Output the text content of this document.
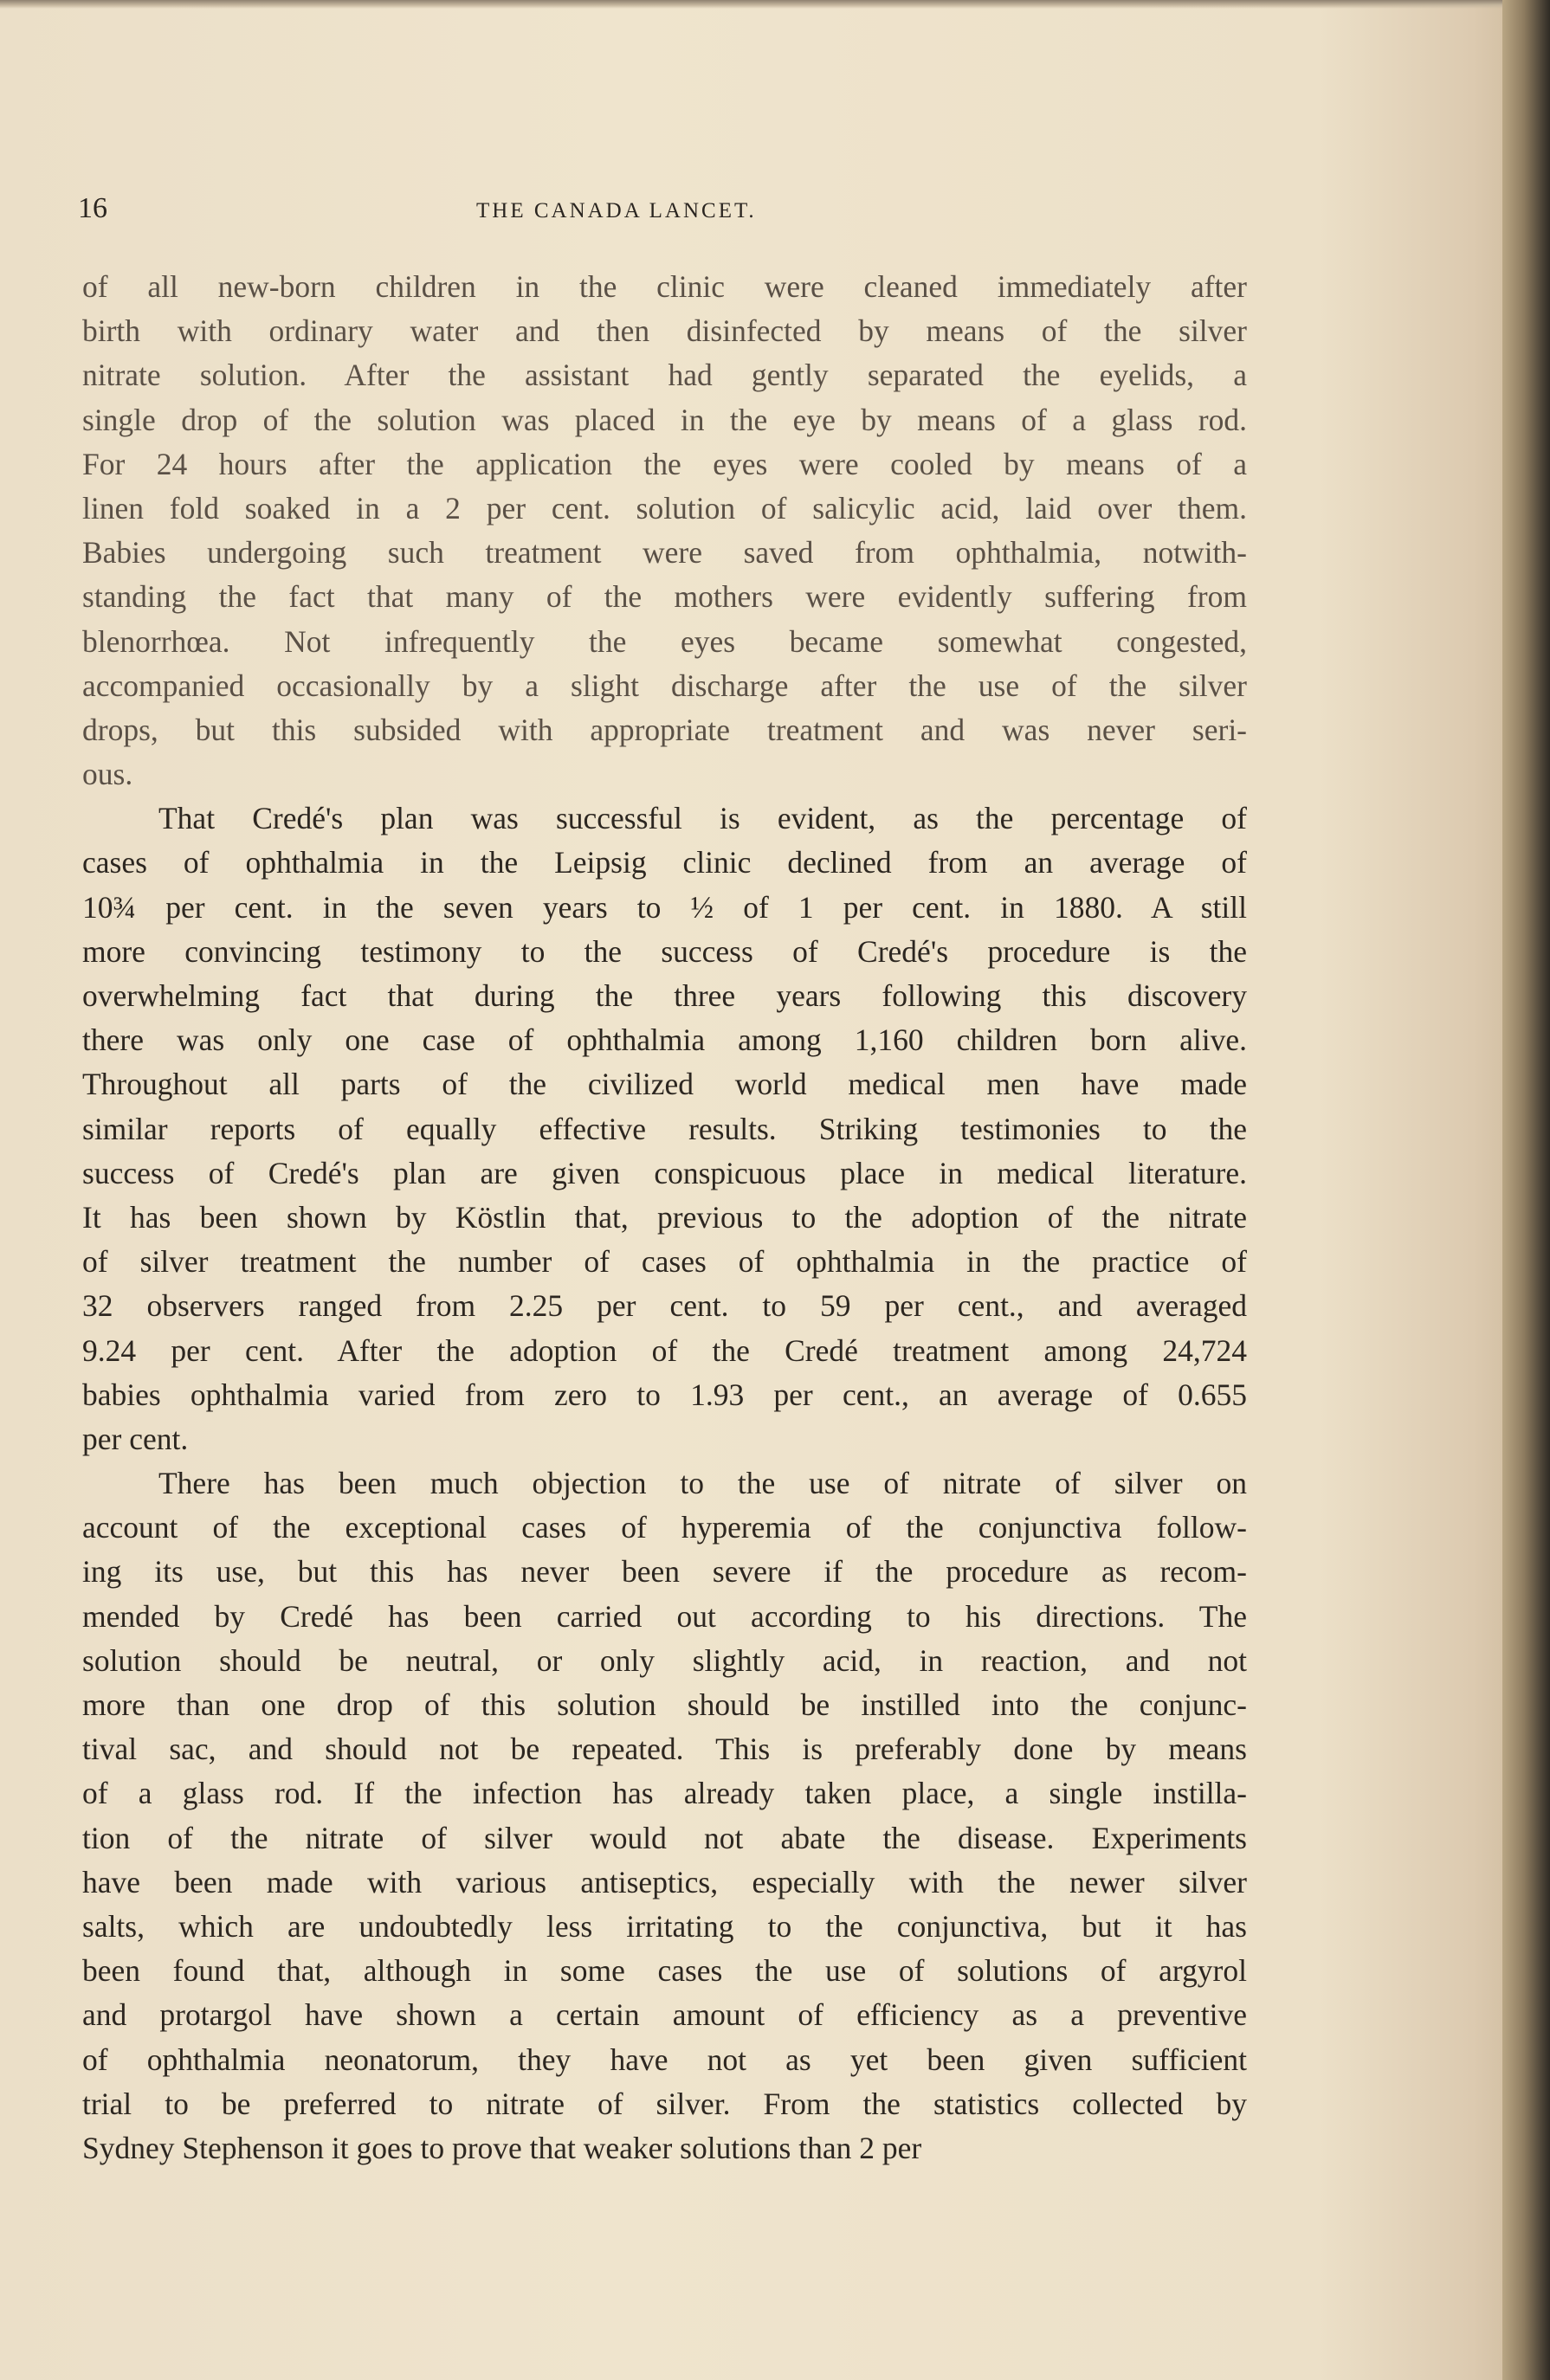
16	THE CANADA LANCET.
of all new-born children in the clinic were cleaned immediately after
birth with ordinary water and then disinfected by means of the silver
nitrate solution. After the assistant had gently separated the eyelids, a
single drop of the solution was placed in the eye by means of a glass rod.
For 24 hours after the application the eyes were cooled by means of a
linen fold soaked in a 2 per cent. solution of salicylic acid, laid over them.
Babies undergoing such treatment were saved from ophthalmia, notwith-
standing the fact that many of the mothers were evidently suffering from
blenorrhœa. Not infrequently the eyes became somewhat congested,
accompanied occasionally by a slight discharge after the use of the silver
drops, but this subsided with appropriate treatment and was never seri-
ous.
That Credé's plan was successful is evident, as the percentage of
cases of ophthalmia in the Leipsig clinic declined from an average of
10¾ per cent. in the seven years to ½ of 1 per cent. in 1880. A still
more convincing testimony to the success of Credé's procedure is the
overwhelming fact that during the three years following this discovery
there was only one case of ophthalmia among 1,160 children born alive.
Throughout all parts of the civilized world medical men have made
similar reports of equally effective results. Striking testimonies to the
success of Credé's plan are given conspicuous place in medical literature.
It has been shown by Köstlin that, previous to the adoption of the nitrate
of silver treatment the number of cases of ophthalmia in the practice of
32 observers ranged from 2.25 per cent. to 59 per cent., and averaged
9.24 per cent. After the adoption of the Credé treatment among 24,724
babies ophthalmia varied from zero to 1.93 per cent., an average of 0.655
per cent.
There has been much objection to the use of nitrate of silver on
account of the exceptional cases of hyperemia of the conjunctiva follow-
ing its use, but this has never been severe if the procedure as recom-
mended by Credé has been carried out according to his directions. The
solution should be neutral, or only slightly acid, in reaction, and not
more than one drop of this solution should be instilled into the conjunc-
tival sac, and should not be repeated. This is preferably done by means
of a glass rod. If the infection has already taken place, a single instilla-
tion of the nitrate of silver would not abate the disease. Experiments
have been made with various antiseptics, especially with the newer silver
salts, which are undoubtedly less irritating to the conjunctiva, but it has
been found that, although in some cases the use of solutions of argyrol
and protargol have shown a certain amount of efficiency as a preventive
of ophthalmia neonatorum, they have not as yet been given sufficient
trial to be preferred to nitrate of silver. From the statistics collected by
Sydney Stephenson it goes to prove that weaker solutions than 2 per
